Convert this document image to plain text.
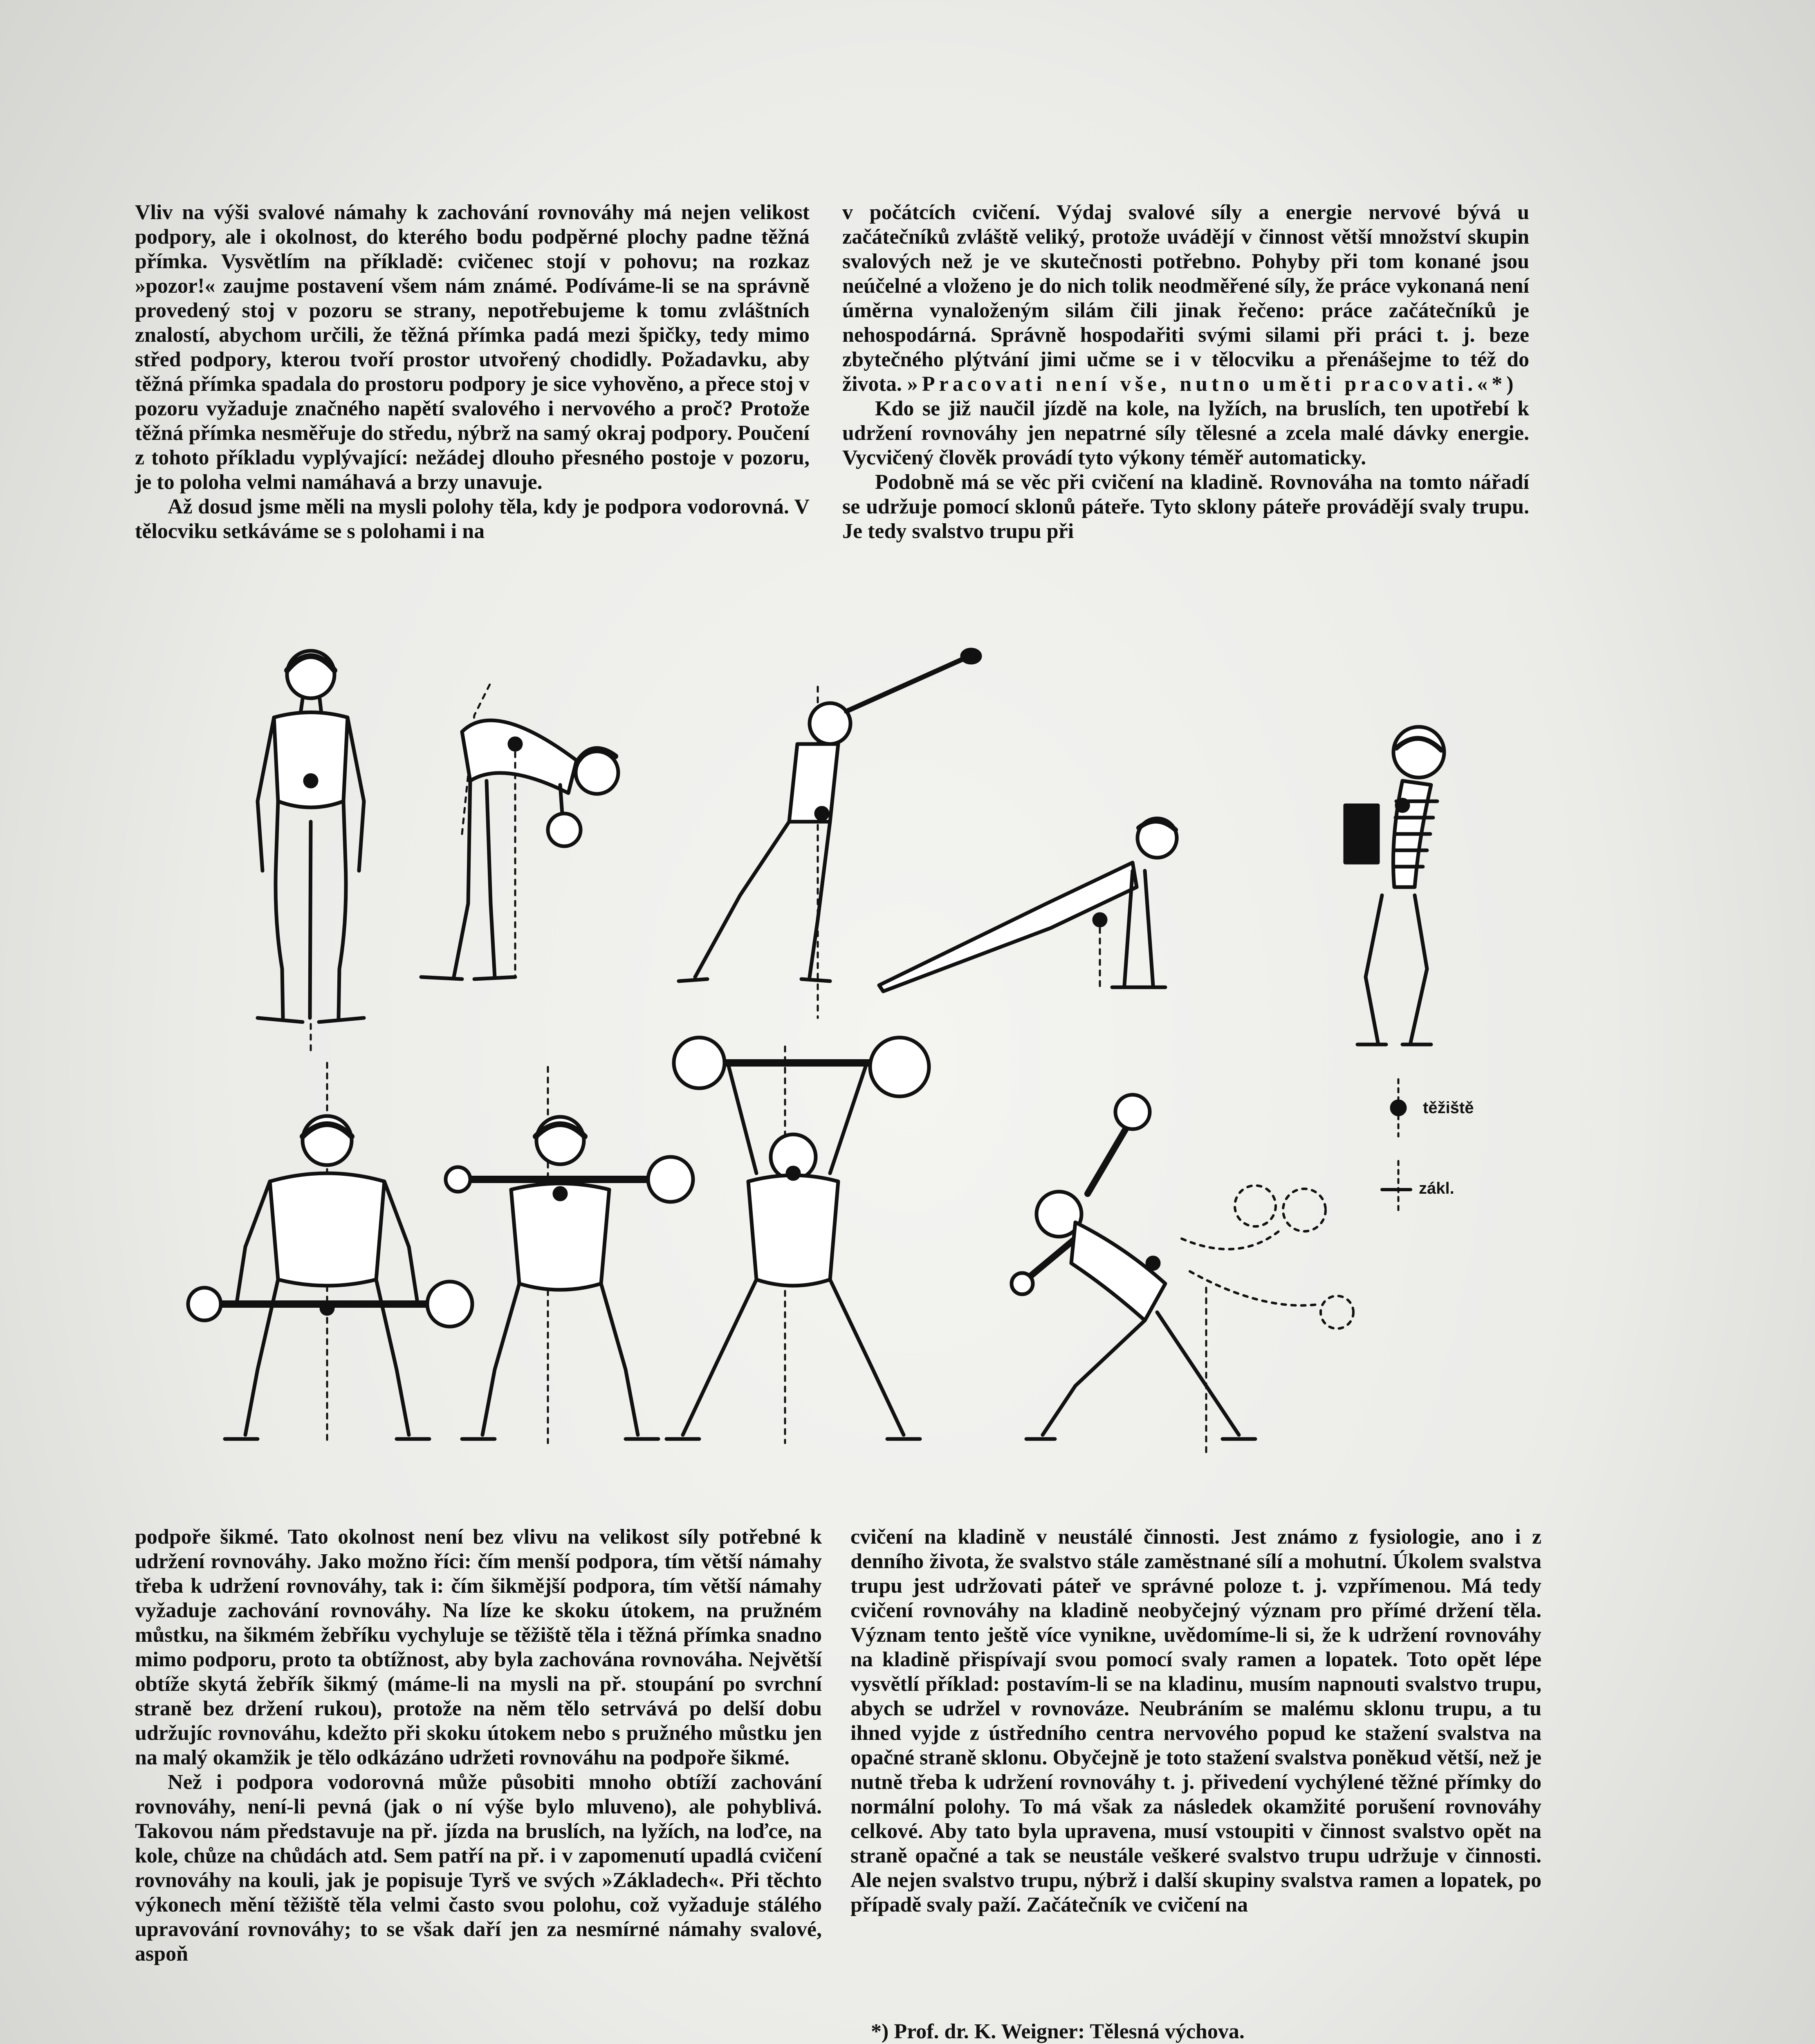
Vliv na výši svalové námahy k zachování rovnováhy má nejen velikost podpory, ale i okolnost, do kterého bodu podpěrné plochy padne těžná přímka. Vysvětlím na příkladě: cvičenec stojí v pohovu; na rozkaz »pozor!« zaujme postavení všem nám známé. Podíváme-li se na správně provedený stoj v pozoru se strany, nepotřebujeme k tomu zvláštních znalostí, abychom určili, že těžná přímka padá mezi špičky, tedy mimo střed podpory, kterou tvoří prostor utvořený chodidly. Požadavku, aby těžná přímka spadala do prostoru podpory je sice vyhověno, a přece stoj v pozoru vyžaduje značného napětí svalového i nervového a proč? Protože těžná přímka nesměřuje do středu, nýbrž na samý okraj podpory. Poučení z tohoto příkladu vyplývající: nežádej dlouho přesného postoje v pozoru, je to poloha velmi namáhavá a brzy unavuje.

Až dosud jsme měli na mysli polohy těla, kdy je podpora vodorovná. V tělocviku setkáváme se s polohami i na

v počátcích cvičení. Výdaj svalové síly a energie nervové bývá u začátečníků zvláště veliký, protože uvádějí v činnost větší množství skupin svalových než je ve skutečnosti potřebno. Pohyby při tom konané jsou neúčelné a vloženo je do nich tolik neodměřené síly, že práce vykonaná není úměrna vynaloženým silám čili jinak řečeno: práce začátečníků je nehospodárná. Správně hospodařiti svými silami při práci t. j. beze zbytečného plýtvání jimi učme se i v tělocviku a přenášejme to též do života. »Pracovati není vše, nutno uměti pracovati.«*)

Kdo se již naučil jízdě na kole, na lyžích, na bruslích, ten upotřebí k udržení rovnováhy jen nepatrné síly tělesné a zcela malé dávky energie. Vycvičený člověk provádí tyto výkony téměř automaticky.

Podobně má se věc při cvičení na kladině. Rovnováha na tomto nářadí se udržuje pomocí sklonů páteře. Tyto sklony páteře provádějí svaly trupu. Je tedy svalstvo trupu při

těžiště
zákl.

podpoře šikmé. Tato okolnost není bez vlivu na velikost síly potřebné k udržení rovnováhy. Jako možno říci: čím menší podpora, tím větší námahy třeba k udržení rovnováhy, tak i: čím šikmější podpora, tím větší námahy vyžaduje zachování rovnováhy. Na lízе ke skoku útokem, na pružném můstku, na šikmém žebříku vychyluje se těžiště těla i těžná přímka snadno mimo podporu, proto ta obtížnost, aby byla zachována rovnováha. Největší obtíže skytá žebřík šikmý (máme-li na mysli na př. stoupání po svrchní straně bez držení rukou), protože na něm tělo setrvává po delší dobu udržujíc rovnováhu, kdežto při skoku útokem nebo s pružného můstku jen na malý okamžik je tělo odkázáno udržeti rovnováhu na podpoře šikmé.

Než i podpora vodorovná může působiti mnoho obtíží zachování rovnováhy, není-li pevná (jak o ní výše bylo mluveno), ale pohyblivá. Takovou nám představuje na př. jízda na bruslích, na lyžích, na loďce, na kole, chůze na chůdách atd. Sem patří na př. i v zapomenutí upadlá cvičení rovnováhy na kouli, jak je popisuje Tyrš ve svých »Základech«. Při těchto výkonech mění těžiště těla velmi často svou polohu, což vyžaduje stálého upravování rovnováhy; to se však daří jen za nesmírné námahy svalové, aspoň

cvičení na kladině v neustálé činnosti. Jest známo z fysiologie, ano i z denního života, že svalstvo stále zaměstnané sílí a mohutní. Úkolem svalstva trupu jest udržovati páteř ve správné poloze t. j. vzpřímenou. Má tedy cvičení rovnováhy na kladině neobyčejný význam pro přímé držení těla. Význam tento ještě více vynikne, uvědomíme-li si, že k udržení rovnováhy na kladině přispívají svou pomocí svaly ramen a lopatek. Toto opět lépe vysvětlí příklad: postavím-li se na kladinu, musím napnouti svalstvo trupu, abych se udržel v rovnováze. Neubráním se malému sklonu trupu, a tu ihned vyjde z ústředního centra nervového popud ke stažení svalstva na opačné straně sklonu. Obyčejně je toto stažení svalstva poněkud větší, než je nutně třeba k udržení rovnováhy t. j. přivedení vychýlené těžné přímky do normální polohy. To má však za následek okamžité porušení rovnováhy celkové. Aby tato byla upravena, musí vstoupiti v činnost svalstvo opět na straně opačné a tak se neustále veškeré svalstvo trupu udržuje v činnosti. Ale nejen svalstvo trupu, nýbrž i další skupiny svalstva ramen a lopatek, po případě svaly paží. Začátečník ve cvičení na

*) Prof. dr. K. Weigner: Tělesná výchova.
